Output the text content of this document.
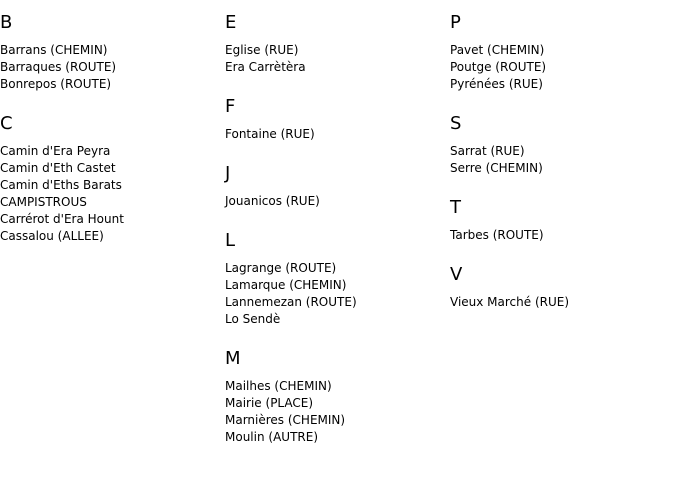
B
Barrans (CHEMIN)
Barraques (ROUTE)
Bonrepos (ROUTE)
C
Camin d'Era Peyra
Camin d'Eth Castet
Camin d'Eths Barats
CAMPISTROUS
Carrérot d'Era Hount
Cassalou (ALLEE)
E
Eglise (RUE)
Era Carrètèra
F
Fontaine (RUE)
J
Jouanicos (RUE)
L
Lagrange (ROUTE)
Lamarque (CHEMIN)
Lannemezan (ROUTE)
Lo Sendè
M
Mailhes (CHEMIN)
Mairie (PLACE)
Marnières (CHEMIN)
Moulin (AUTRE)
P
Pavet (CHEMIN)
Poutge (ROUTE)
Pyrénées (RUE)
S
Sarrat (RUE)
Serre (CHEMIN)
T
Tarbes (ROUTE)
V
Vieux Marché (RUE)
